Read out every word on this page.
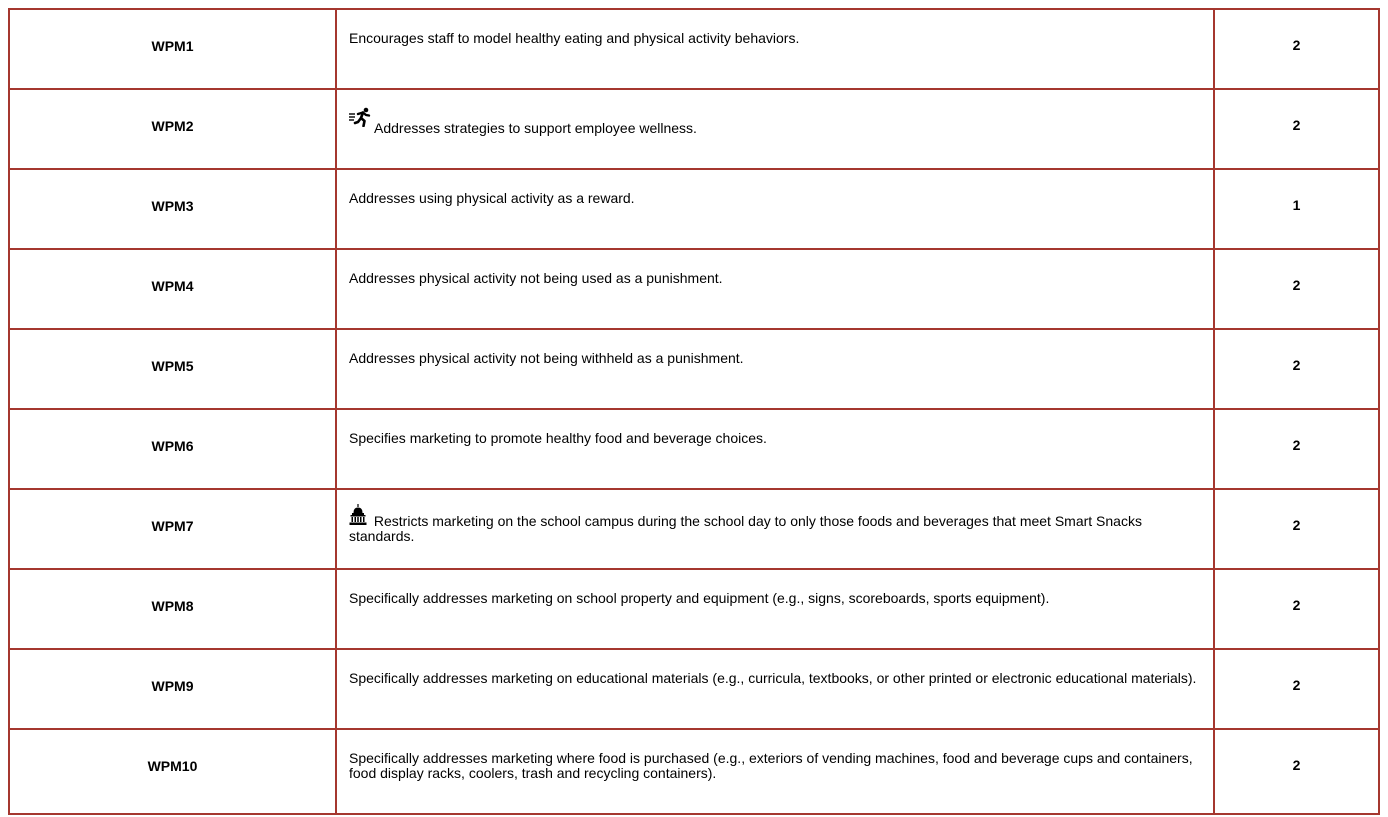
WPM1	Encourages staff to model healthy eating and physical activity behaviors.	2
WPM2	Addresses strategies to support employee wellness.	2
WPM3	Addresses using physical activity as a reward.	1
WPM4	Addresses physical activity not being used as a punishment.	2
WPM5	Addresses physical activity not being withheld as a punishment.	2
WPM6	Specifies marketing to promote healthy food and beverage choices.	2
WPM7	Restricts marketing on the school campus during the school day to only those foods and beverages that meet Smart Snacks standards.	2
WPM8	Specifically addresses marketing on school property and equipment (e.g., signs, scoreboards, sports equipment).	2
WPM9	Specifically addresses marketing on educational materials (e.g., curricula, textbooks, or other printed or electronic educational materials).	2
WPM10	Specifically addresses marketing where food is purchased (e.g., exteriors of vending machines, food and beverage cups and containers, food display racks, coolers, trash and recycling containers).	2
